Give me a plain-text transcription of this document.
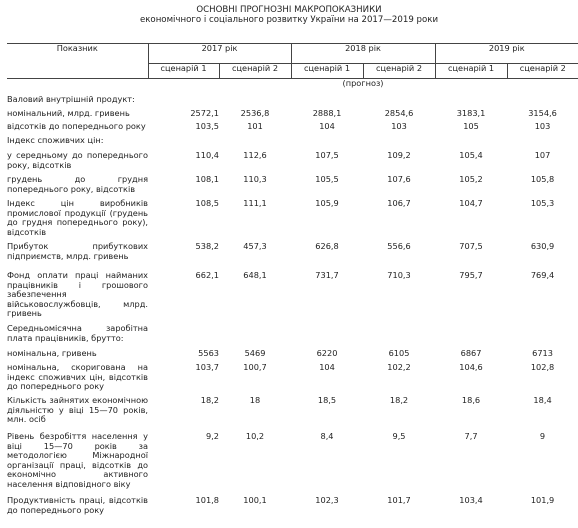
ОСНОВНІ ПРОГНОЗНІ МАКРОПОКАЗНИКИ
економічного і соціального розвитку України на 2017—2019 роки
Показник	2017 рік		2018 рік		2019 рік	
	сценарій 1	сценарій 2	сценарій 1	сценарій 2	сценарій 1	сценарій 2
	(прогноз)					
Валовий внутрішній продукт:						
номінальний, млрд. гривень	2572,1	2536,8	2888,1	2854,6	3183,1	3154,6
відсотків до попереднього року	103,5	101	104	103	105	103
Індекс споживчих цін:						
у середньому до попереднього року, відсотків	110,4	112,6	107,5	109,2	105,4	107
грудень до грудня попереднього року, відсотків	108,1	110,3	105,5	107,6	105,2	105,8
Індекс цін виробників промислової продукції (грудень до грудня попереднього року), відсотків	108,5	111,1	105,9	106,7	104,7	105,3
Прибуток прибуткових підприємств, млрд. гривень	538,2	457,3	626,8	556,6	707,5	630,9
Фонд оплати праці найманих працівників і грошового забезпечення військовослужбовців, млрд. гривень	662,1	648,1	731,7	710,3	795,7	769,4
Середньомісячна заробітна плата працівників, брутто:						
номінальна, гривень	5563	5469	6220	6105	6867	6713
номінальна, скоригована на індекс споживчих цін, відсотків до попереднього року	103,7	100,7	104	102,2	104,6	102,8
Кількість зайнятих економічною діяльністю у віці 15—70 років, млн. осіб	18,2	18	18,5	18,2	18,6	18,4
Рівень безробіття населення у віці 15—70 років за методологією Міжнародної організації праці, відсотків до економічно активного населення відповідного віку	9,2	10,2	8,4	9,5	7,7	9
Продуктивність праці, відсотків до попереднього року	101,8	100,1	102,3	101,7	103,4	101,9
